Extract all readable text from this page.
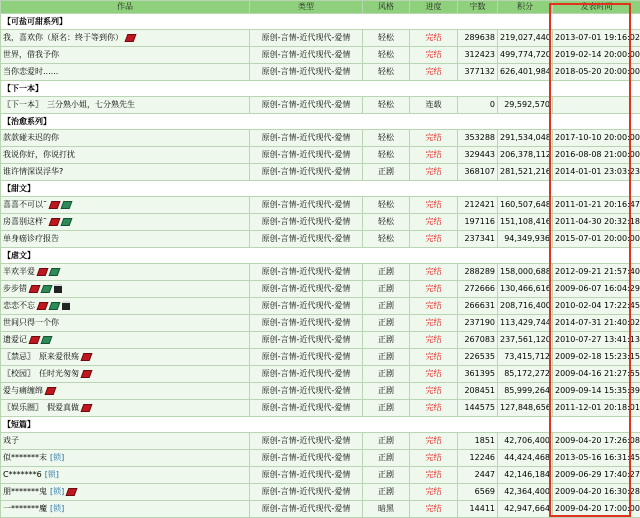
作品	类型	风格	进度	字数	积分	发表时间
【可盐可甜系列】						
我，喜欢你（原名：终于等到你）	原创-言情-近代现代-爱情	轻松	完结	289638	219,027,440	2013-07-01 19:16:02
世界，借我予你	原创-言情-近代现代-爱情	轻松	完结	312423	499,774,720	2019-02-14 20:00:00
当你恋爱时......	原创-言情-近代现代-爱情	轻松	完结	377132	626,401,984	2018-05-20 20:00:00
【下一本】						
〖下一本〗　三分熟小姐，七分熟先生	原创-言情-近代现代-爱情	轻松	连载	0	29,592,570	
【治愈系列】						
款款碰未迟的你	原创-言情-近代现代-爱情	轻松	完结	353288	291,534,048	2017-10-10 20:00:00
我说你好，你说打扰	原创-言情-近代现代-爱情	轻松	完结	329443	206,378,112	2016-08-08 21:00:00
谁许情深误浮华?	原创-言情-近代现代-爱情	正剧	完结	368107	281,521,216	2014-01-01 23:03:23
【甜文】						
喜喜不可以˜	原创-言情-近代现代-爱情	轻松	完结	212421	160,507,648	2011-01-21 20:16:47
房喜别这样˜	原创-言情-近代现代-爱情	轻松	完结	197116	151,108,416	2011-04-30 20:32:18
单身癌诊疗报告	原创-言情-近代现代-爱情	轻松	完结	237341	94,349,936	2015-07-01 20:00:00
【虐文】						
半欢半爱	原创-言情-近代现代-爱情	正剧	完结	288289	158,000,688	2012-09-21 21:57:40
步步错	原创-言情-近代现代-爱情	正剧	完结	272666	130,466,616	2009-06-07 16:04:29
恋恋不忘	原创-言情-近代现代-爱情	正剧	完结	266631	208,716,400	2010-02-04 17:22:45
世间只得一个你	原创-言情-近代现代-爱情	正剧	完结	237190	113,429,744	2014-07-31 21:40:02
遗爱记	原创-言情-近代现代-爱情	正剧	完结	267083	237,561,120	2010-07-27 13:41:13
〖禁忌〗　原来爱很殇	原创-言情-近代现代-爱情	正剧	完结	226535	73,415,712	2009-02-18 15:23:15
〖校园〗　任时光匆匆	原创-言情-近代现代-爱情	正剧	完结	361395	85,172,272	2009-04-16 21:27:55
爱与痛缠绵	原创-言情-近代现代-爱情	正剧	完结	208451	85,999,264	2009-09-14 15:35:39
〖娱乐圈〗　假爱真做	原创-言情-近代现代-爱情	正剧	完结	144575	127,848,656	2011-12-01 20:18:01
【短篇】						
戏子	原创-言情-近代现代-爱情	正剧	完结	1851	42,706,400	2009-04-20 17:26:08
似*******末 [锁]	原创-言情-近代现代-爱情	正剧	完结	12246	44,424,468	2013-05-16 16:31:45
C*******6 [锁]	原创-言情-近代现代-爱情	正剧	完结	2447	42,146,184	2009-06-29 17:40:27
朋*******鬼 [锁]	原创-言情-近代现代-爱情	正剧	完结	6569	42,364,400	2009-04-20 16:30:28
一*******魔 [锁]	原创-言情-近代现代-爱情	暗黑	完结	14411	42,947,664	2009-04-20 17:00:00
